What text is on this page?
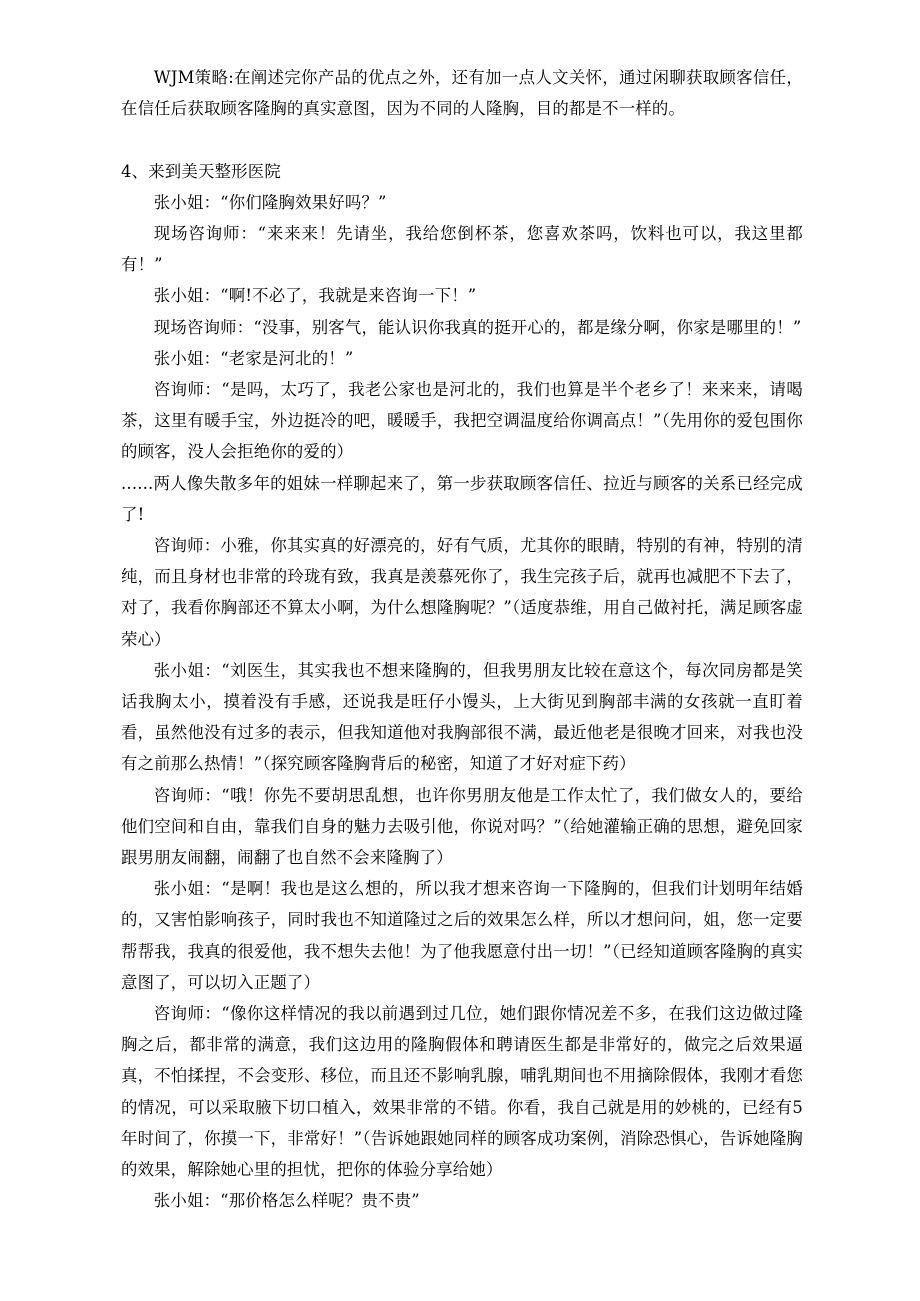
WJM策略:在阐述完你产品的优点之外，还有加一点人文关怀，通过闲聊获取顾客信任，在信任后获取顾客隆胸的真实意图，因为不同的人隆胸，目的都是不一样的。

4、来到美天整形医院

张小姐：“你们隆胸效果好吗？”

现场咨询师：“来来来！先请坐，我给您倒杯茶，您喜欢茶吗，饮料也可以，我这里都有！”

张小姐：“啊!不必了，我就是来咨询一下！”

现场咨询师：“没事，别客气，能认识你我真的挺开心的，都是缘分啊，你家是哪里的！”

张小姐：“老家是河北的！”

咨询师：“是吗，太巧了，我老公家也是河北的，我们也算是半个老乡了！来来来，请喝茶，这里有暖手宝，外边挺冷的吧，暖暖手，我把空调温度给你调高点！”（先用你的爱包围你的顾客，没人会拒绝你的爱的）

......两人像失散多年的姐妹一样聊起来了，第一步获取顾客信任、拉近与顾客的关系已经完成了!

咨询师：小雅，你其实真的好漂亮的，好有气质，尤其你的眼睛，特别的有神，特别的清纯，而且身材也非常的玲珑有致，我真是羡慕死你了，我生完孩子后，就再也减肥不下去了，对了，我看你胸部还不算太小啊，为什么想隆胸呢？”（适度恭维，用自己做衬托，满足顾客虚荣心）

张小姐：“刘医生，其实我也不想来隆胸的，但我男朋友比较在意这个，每次同房都是笑话我胸太小，摸着没有手感，还说我是旺仔小馒头，上大街见到胸部丰满的女孩就一直盯着看，虽然他没有过多的表示，但我知道他对我胸部很不满，最近他老是很晚才回来，对我也没有之前那么热情！”（探究顾客隆胸背后的秘密，知道了才好对症下药）

咨询师：“哦！你先不要胡思乱想，也许你男朋友他是工作太忙了，我们做女人的，要给他们空间和自由，靠我们自身的魅力去吸引他，你说对吗？”（给她灌输正确的思想，避免回家跟男朋友闹翻，闹翻了也自然不会来隆胸了）

张小姐：“是啊！我也是这么想的，所以我才想来咨询一下隆胸的，但我们计划明年结婚的，又害怕影响孩子，同时我也不知道隆过之后的效果怎么样，所以才想问问，姐，您一定要帮帮我，我真的很爱他，我不想失去他！为了他我愿意付出一切！”（已经知道顾客隆胸的真实意图了，可以切入正题了）

咨询师：“像你这样情况的我以前遇到过几位，她们跟你情况差不多，在我们这边做过隆胸之后，都非常的满意，我们这边用的隆胸假体和聘请医生都是非常好的，做完之后效果逼真，不怕揉捏，不会变形、移位，而且还不影响乳腺，哺乳期间也不用摘除假体，我刚才看您的情况，可以采取腋下切口植入，效果非常的不错。你看，我自己就是用的妙桃的，已经有5年时间了，你摸一下，非常好！”（告诉她跟她同样的顾客成功案例，消除恐惧心，告诉她隆胸的效果，解除她心里的担忧，把你的体验分享给她）

张小姐：“那价格怎么样呢？贵不贵”
